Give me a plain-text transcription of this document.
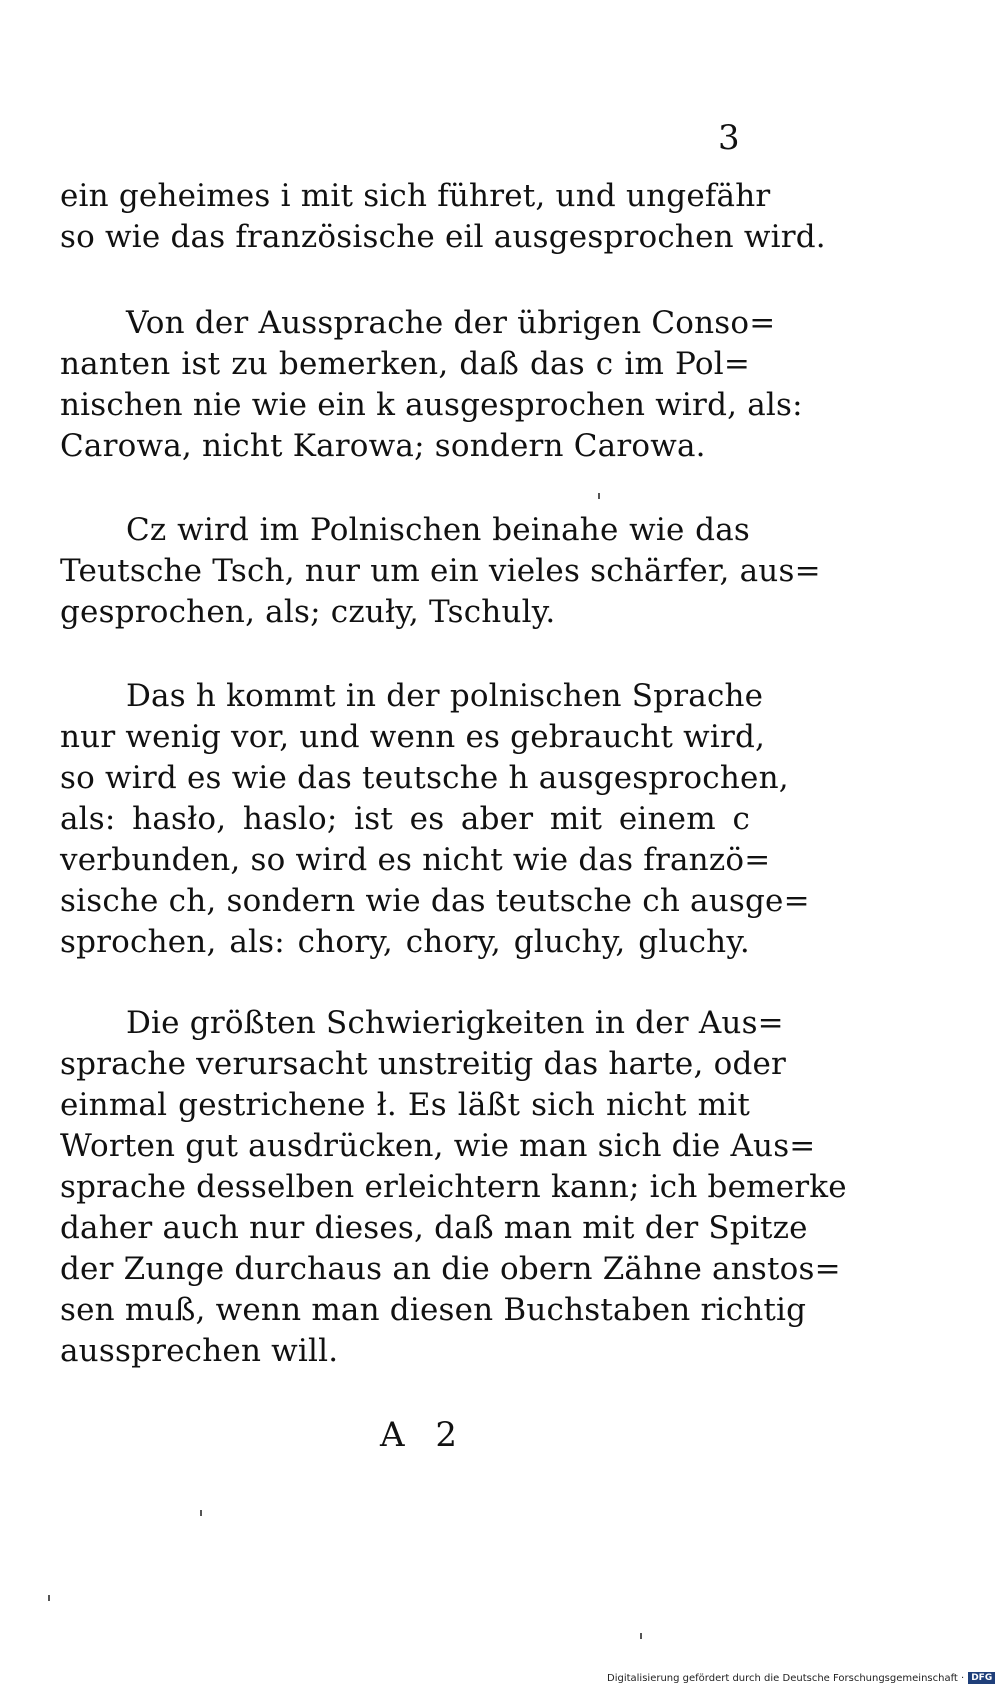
3
ein geheimes i mit sich führet, und ungefähr
so wie das französische eil ausgesprochen wird.
Von der Aussprache der übrigen Conso=
nanten ist zu bemerken, daß das c im Pol=
nischen nie wie ein k ausgesprochen wird, als:
Carowa, nicht Karowa; sondern Carowa.
Cz wird im Polnischen beinahe wie das
Teutsche Tsch, nur um ein vieles schärfer, aus=
gesprochen, als; czuły, Tschuly.
Das h kommt in der polnischen Sprache
nur wenig vor, und wenn es gebraucht wird,
so wird es wie das teutsche h ausgesprochen,
als: hasło, haslo; ist es aber mit einem c
verbunden, so wird es nicht wie das franzö=
sische ch, sondern wie das teutsche ch ausge=
sprochen, als: chory, chory, gluchy, gluchy.
Die größten Schwierigkeiten in der Aus=
sprache verursacht unstreitig das harte, oder
einmal gestrichene ł. Es läßt sich nicht mit
Worten gut ausdrücken, wie man sich die Aus=
sprache desselben erleichtern kann; ich bemerke
daher auch nur dieses, daß man mit der Spitze
der Zunge durchaus an die obern Zähne anstos=
sen muß, wenn man diesen Buchstaben richtig
aussprechen will.
A 2
Digitalisierung gefördert durch die Deutsche Forschungsgemeinschaft · DFG
